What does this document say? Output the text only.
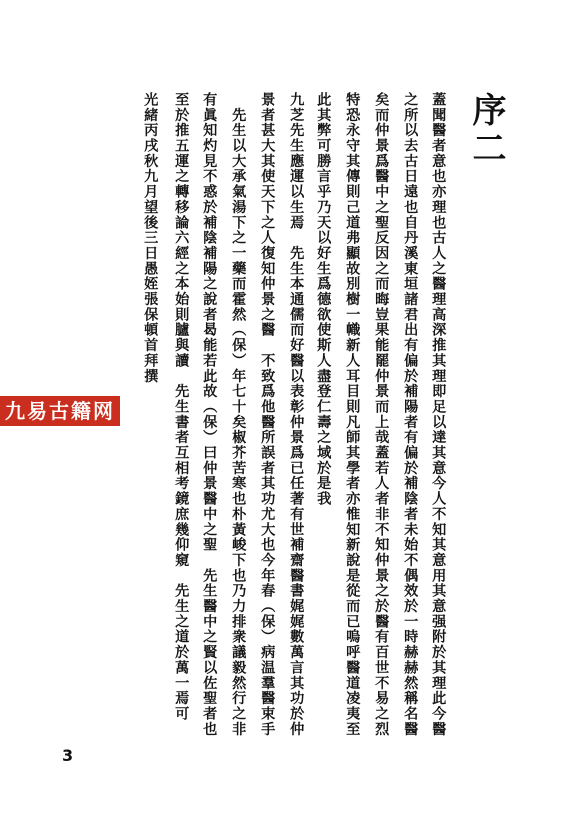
序二
蓋聞醫者意也亦理也古人之醫理高深推其理即足以達其意今人不知其意用其意强附於其理此今醫
之所以去古日遠也自丹溪東垣諸君出有偏於補陽者有偏於補陰者未始不偶效於一時赫赫然稱名醫
矣而仲景爲醫中之聖反因之而晦豈果能罷仲景而上哉蓋若人者非不知仲景之於醫有百世不易之烈
特恐永守其傳則己道弗顯故別樹一幟新人耳目則凡師其學者亦惟知新說是從而已嗚呼醫道凌夷至
此其弊可勝言乎乃天以好生爲德欲使斯人盡登仁壽之域於是我
九芝先生應運以生焉　先生本通儒而好醫以表彰仲景爲已任著有世補齋醫書娓娓數萬言其功於仲
景者甚大其使天下之人復知仲景之醫　不致爲他醫所誤者其功尤大也今年春（保）病温羣醫束手
　先生以大承氣湯下之一藥而霍然（保）年七十矣椒芥苦寒也朴黃峻下也乃力排衆議毅然行之非
有眞知灼見不惑於補陰補陽之說者曷能若此故（保）曰仲景醫中之聖　先生醫中之賢以佐聖者也
至於推五運之轉移論六經之本始則臚與讀　先生書者互相考鏡庶幾仰窺　先生之道於萬一焉可
光緒丙戌秋九月望後三日愚姪張保頓首拜撰
九易古籍网
3
